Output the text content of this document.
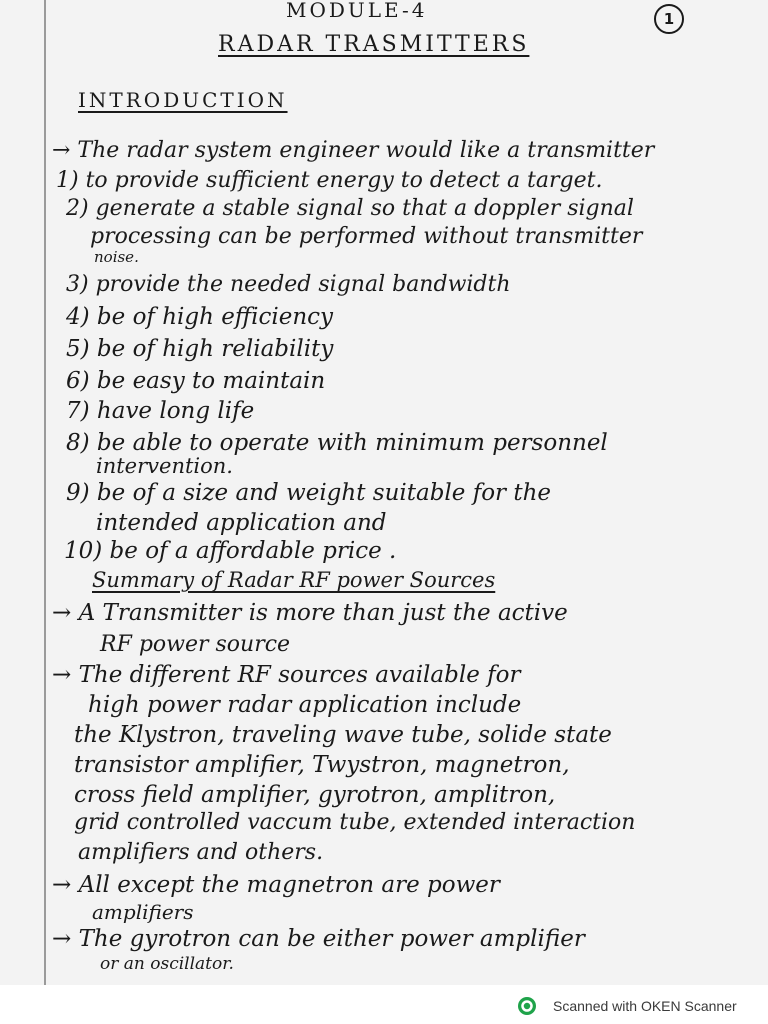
MODULE-4	1
RADAR TRASMITTERS
INTRODUCTION
→ The radar system engineer would like a transmitter
1) to provide sufficient energy to detect a target.
2) generate a stable signal so that a doppler signal
processing can be performed without transmitter
noise.
3) provide the needed signal bandwidth
4) be of high efficiency
5) be of high reliability
6) be easy to maintain
7) have long life
8) be able to operate with minimum personnel
intervention.
9) be of a size and weight suitable for the
intended application and
10) be of a affordable price .
Summary of Radar RF power Sources
→ A Transmitter is more than just the active
RF power source
→ The different RF sources available for
high power radar application include
the Klystron, traveling wave tube, solide state
transistor amplifier, Twystron, magnetron,
cross field amplifier, gyrotron, amplitron,
grid controlled vaccum tube, extended interaction
amplifiers and others.
→ All except the magnetron are power
amplifiers
→ The gyrotron can be either power amplifier
or an oscillator.
Scanned with OKEN Scanner
